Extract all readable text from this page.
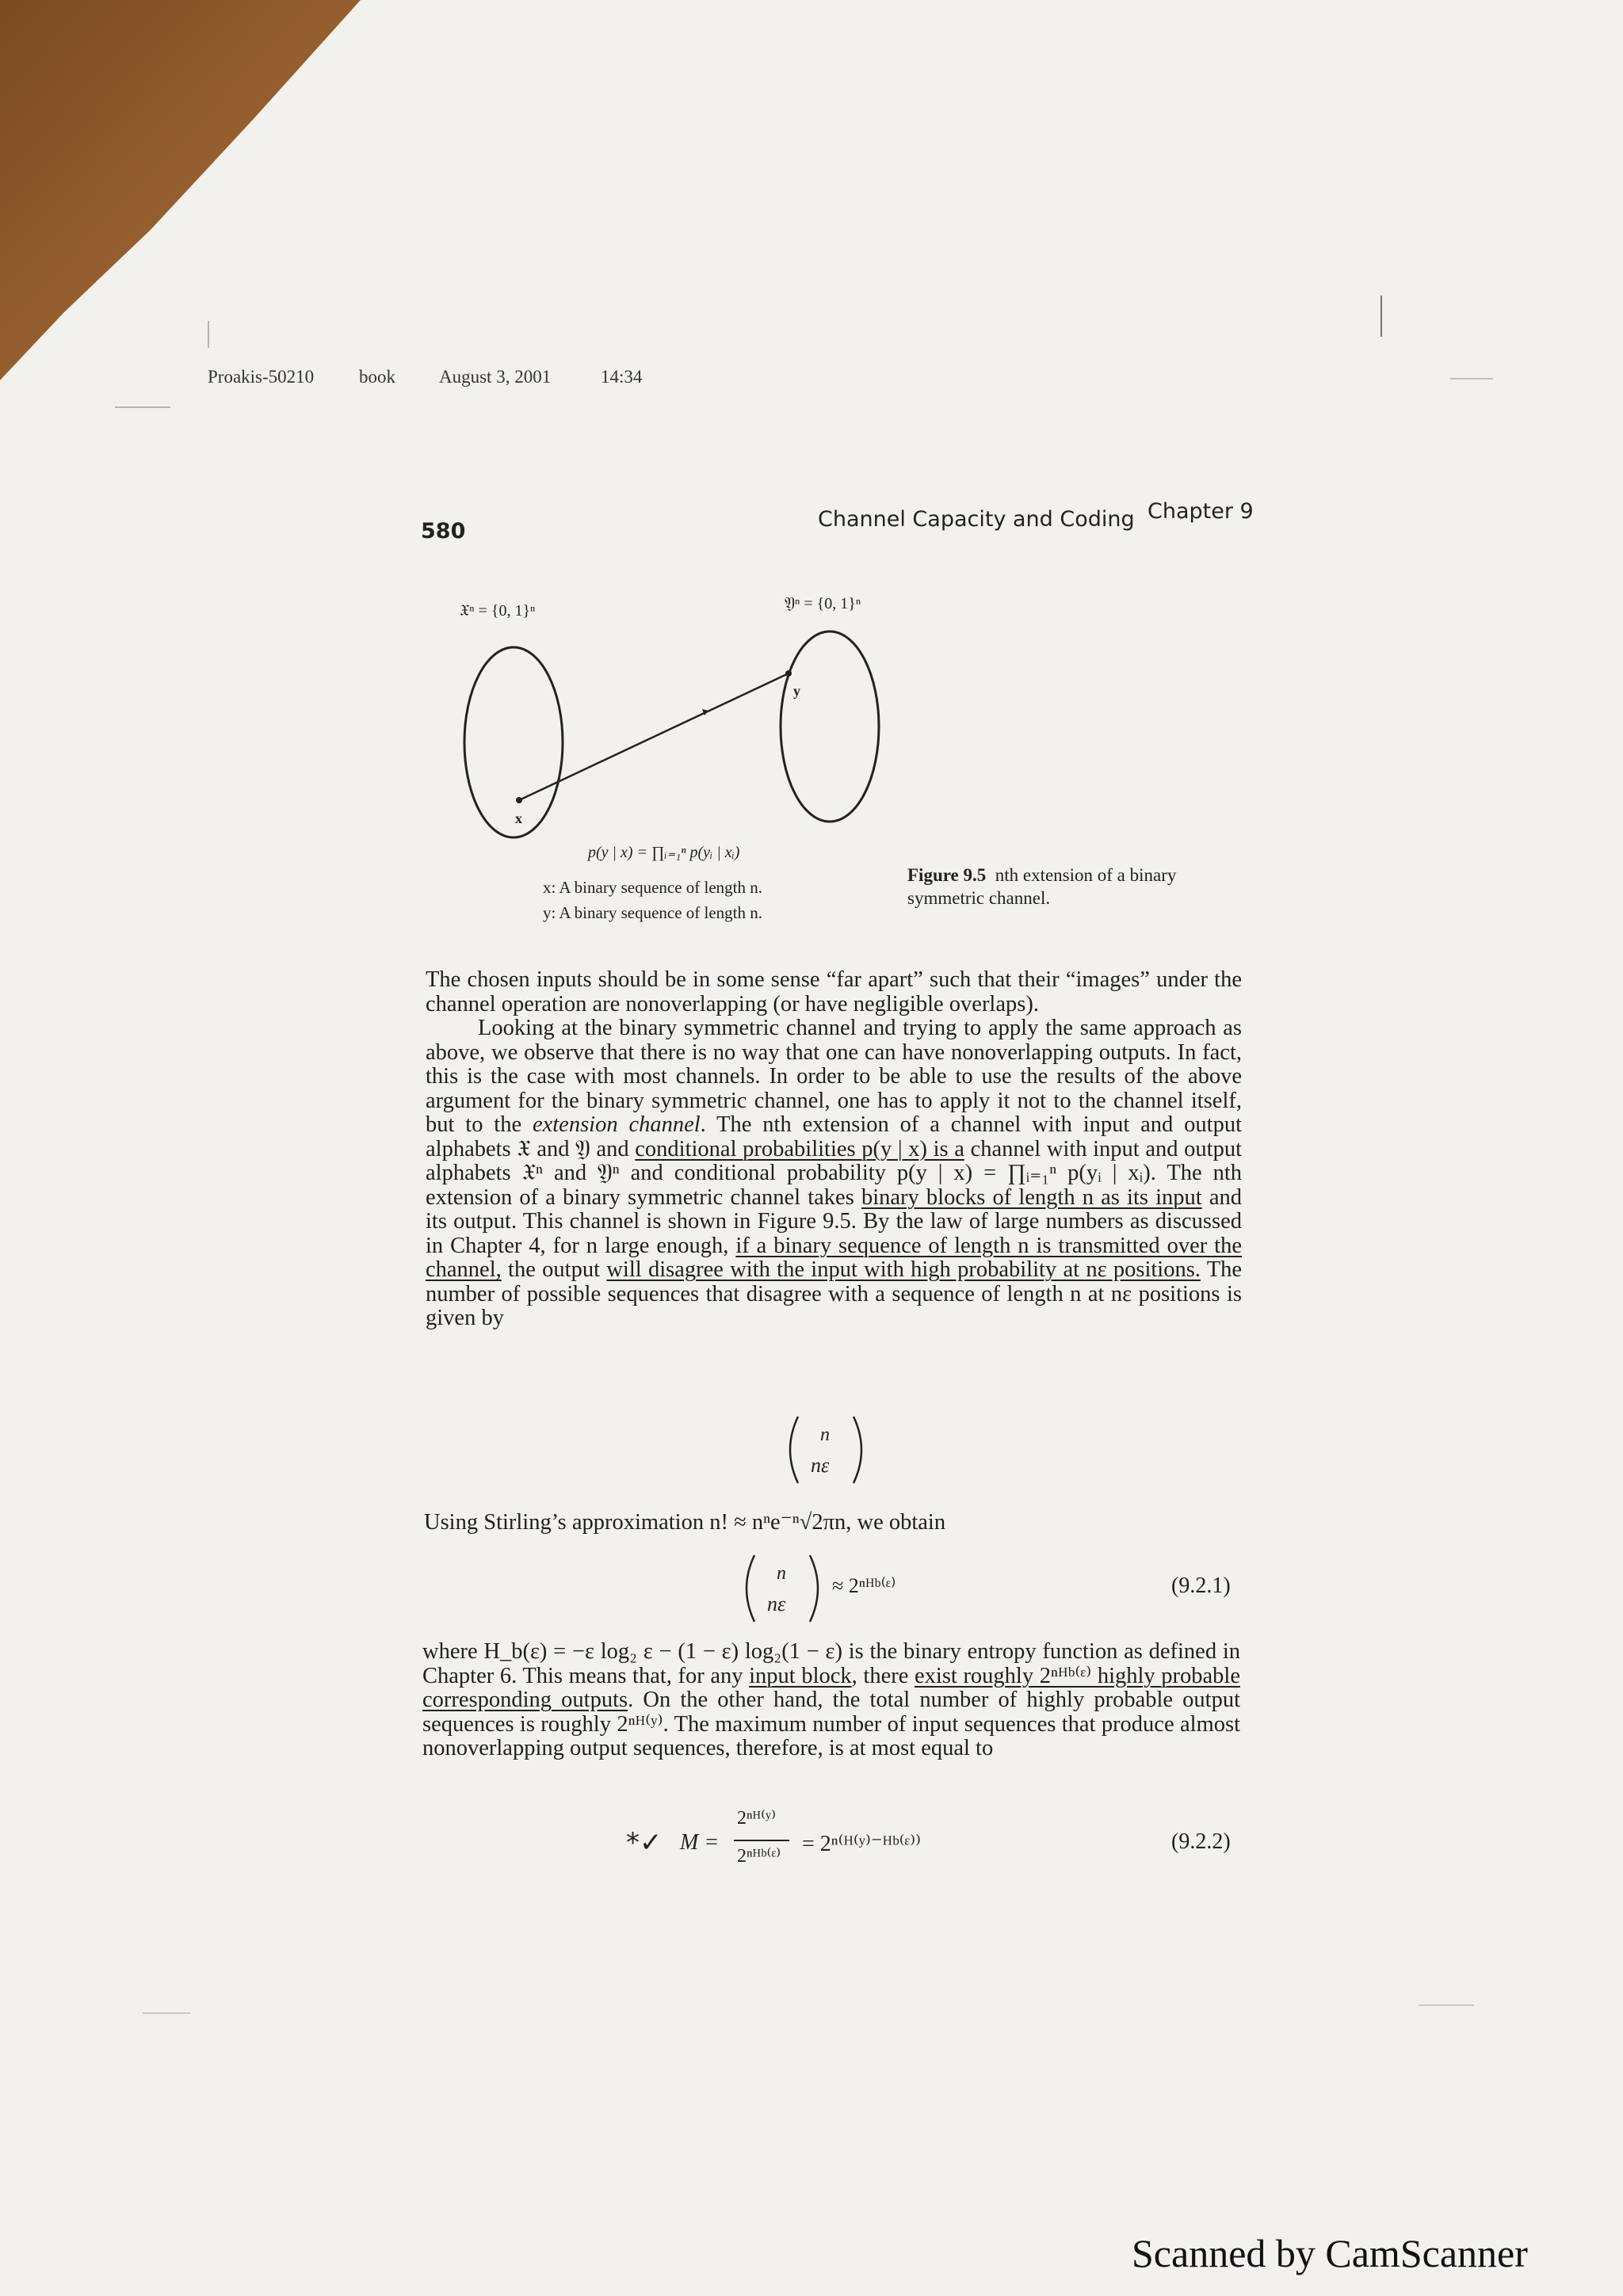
Proakis-50210 book August 3, 2001	14:34
580	Channel Capacity and Coding Chapter 9
𝔛ⁿ = {0, 1}ⁿ	𝔜ⁿ = {0, 1}ⁿ
x
y
p(y | x) = ∏ᵢ₌₁ⁿ p(yᵢ | xᵢ)
x: A binary sequence of length n.
y: A binary sequence of length n.
Figure 9.5 nth extension of a binary symmetric channel.

The chosen inputs should be in some sense “far apart” such that their “images” under the channel operation are nonoverlapping (or have negligible overlaps).

Looking at the binary symmetric channel and trying to apply the same approach as above, we observe that there is no way that one can have nonoverlapping outputs. In fact, this is the case with most channels. In order to be able to use the results of the above argument for the binary symmetric channel, one has to apply it not to the channel itself, but to the extension channel. The nth extension of a channel with input and output alphabets 𝔛 and 𝔜 and conditional probabilities p(y | x) is a channel with input and output alphabets 𝔛ⁿ and 𝔜ⁿ and conditional probability p(y | x) = ∏ᵢ₌₁ⁿ p(yᵢ | xᵢ). The nth extension of a binary symmetric channel takes binary blocks of length n as its input and its output. This channel is shown in Figure 9.5. By the law of large numbers as discussed in Chapter 4, for n large enough, if a binary sequence of length n is transmitted over the channel, the output will disagree with the input with high probability at nε positions. The number of possible sequences that disagree with a sequence of length n at nε positions is given by

n
nε
Using Stirling’s approximation n! ≈ nⁿe⁻ⁿ√2πn, we obtain
n
nε
≈ 2ⁿᴴᵇ⁽ᵋ⁾	(9.2.1)

where H_b(ε) = −ε log₂ ε − (1 − ε) log₂(1 − ε) is the binary entropy function as defined in Chapter 6. This means that, for any input block, there exist roughly 2ⁿᴴᵇ⁽ᵋ⁾ highly probable corresponding outputs. On the other hand, the total number of highly probable output sequences is roughly 2ⁿᴴ⁽ʸ⁾. The maximum number of input sequences that produce almost nonoverlapping output sequences, therefore, is at most equal to

*✓ M =
2ⁿᴴ⁽ʸ⁾
2ⁿᴴᵇ⁽ᵋ⁾ = 2ⁿ⁽ᴴ⁽ʸ⁾⁻ᴴᵇ⁽ᵋ⁾⁾	(9.2.2)
Scanned by CamScanner
